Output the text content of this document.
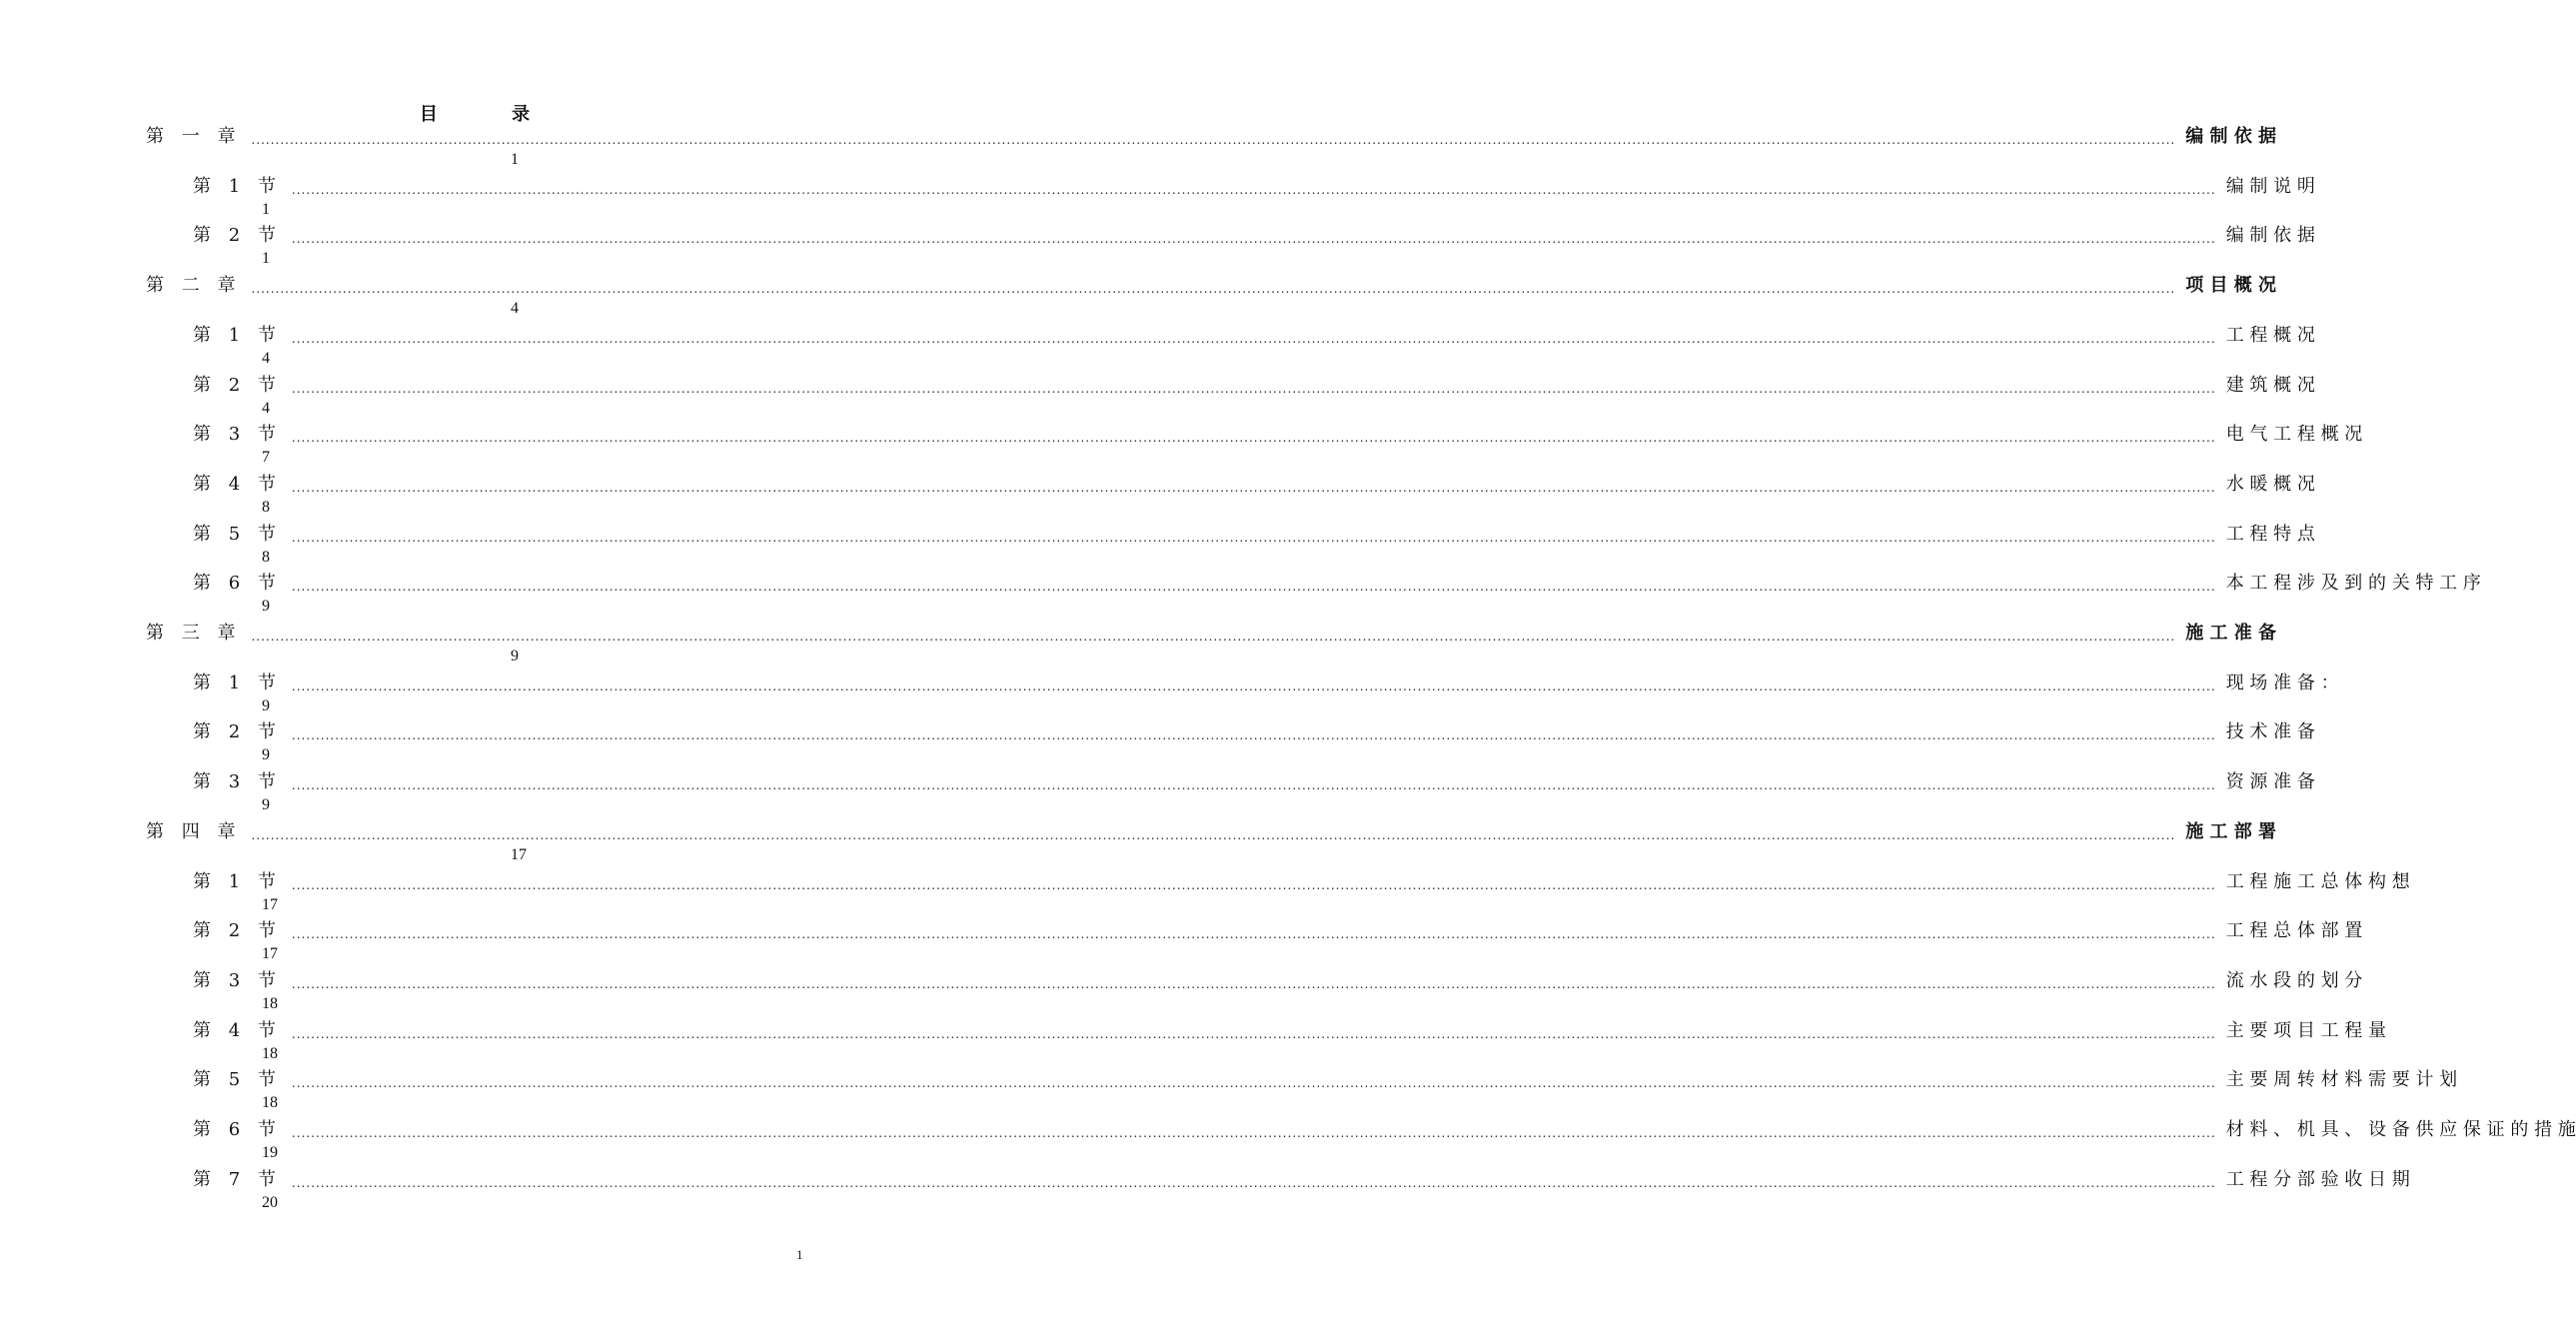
目 录
第 一 章 ................................................................................................................................................................................................................................................................................................................................................................................................................ 编 制 依 据
1
第 1 节 ................................................................................................................................................................................................................................................................................................................................................................................................................ 编 制 说 明
1
第 2 节 ................................................................................................................................................................................................................................................................................................................................................................................................................ 编 制 依 据
1
第 二 章 ................................................................................................................................................................................................................................................................................................................................................................................................................ 项 目 概 况
4
第 1 节 ................................................................................................................................................................................................................................................................................................................................................................................................................ 工 程 概 况
4
第 2 节 ................................................................................................................................................................................................................................................................................................................................................................................................................ 建 筑 概 况
4
第 3 节 ................................................................................................................................................................................................................................................................................................................................................................................................................ 电 气 工 程 概 况
7
第 4 节 ................................................................................................................................................................................................................................................................................................................................................................................................................ 水 暖 概 况
8
第 5 节 ................................................................................................................................................................................................................................................................................................................................................................................................................ 工 程 特 点
8
第 6 节 ................................................................................................................................................................................................................................................................................................................................................................................................................ 本 工 程 涉 及 到 的 关 特 工 序
9
第 三 章 ................................................................................................................................................................................................................................................................................................................................................................................................................ 施 工 准 备
9
第 1 节 ................................................................................................................................................................................................................................................................................................................................................................................................................ 现 场 准 备 ：
9
第 2 节 ................................................................................................................................................................................................................................................................................................................................................................................................................ 技 术 准 备
9
第 3 节 ................................................................................................................................................................................................................................................................................................................................................................................................................ 资 源 准 备
9
第 四 章 ................................................................................................................................................................................................................................................................................................................................................................................................................ 施 工 部 署
17
第 1 节 ................................................................................................................................................................................................................................................................................................................................................................................................................ 工 程 施 工 总 体 构 想
17
第 2 节 ................................................................................................................................................................................................................................................................................................................................................................................................................ 工 程 总 体 部 置
17
第 3 节 ................................................................................................................................................................................................................................................................................................................................................................................................................ 流 水 段 的 划 分
18
第 4 节 ................................................................................................................................................................................................................................................................................................................................................................................................................ 主 要 项 目 工 程 量
18
第 5 节 ................................................................................................................................................................................................................................................................................................................................................................................................................ 主 要 周 转 材 料 需 要 计 划
18
第 6 节 ................................................................................................................................................................................................................................................................................................................................................................................................................ 材 料 、 机 具 、 设 备 供 应 保 证 的 措 施
19
第 7 节 ................................................................................................................................................................................................................................................................................................................................................................................................................ 工 程 分 部 验 收 日 期
20
1
